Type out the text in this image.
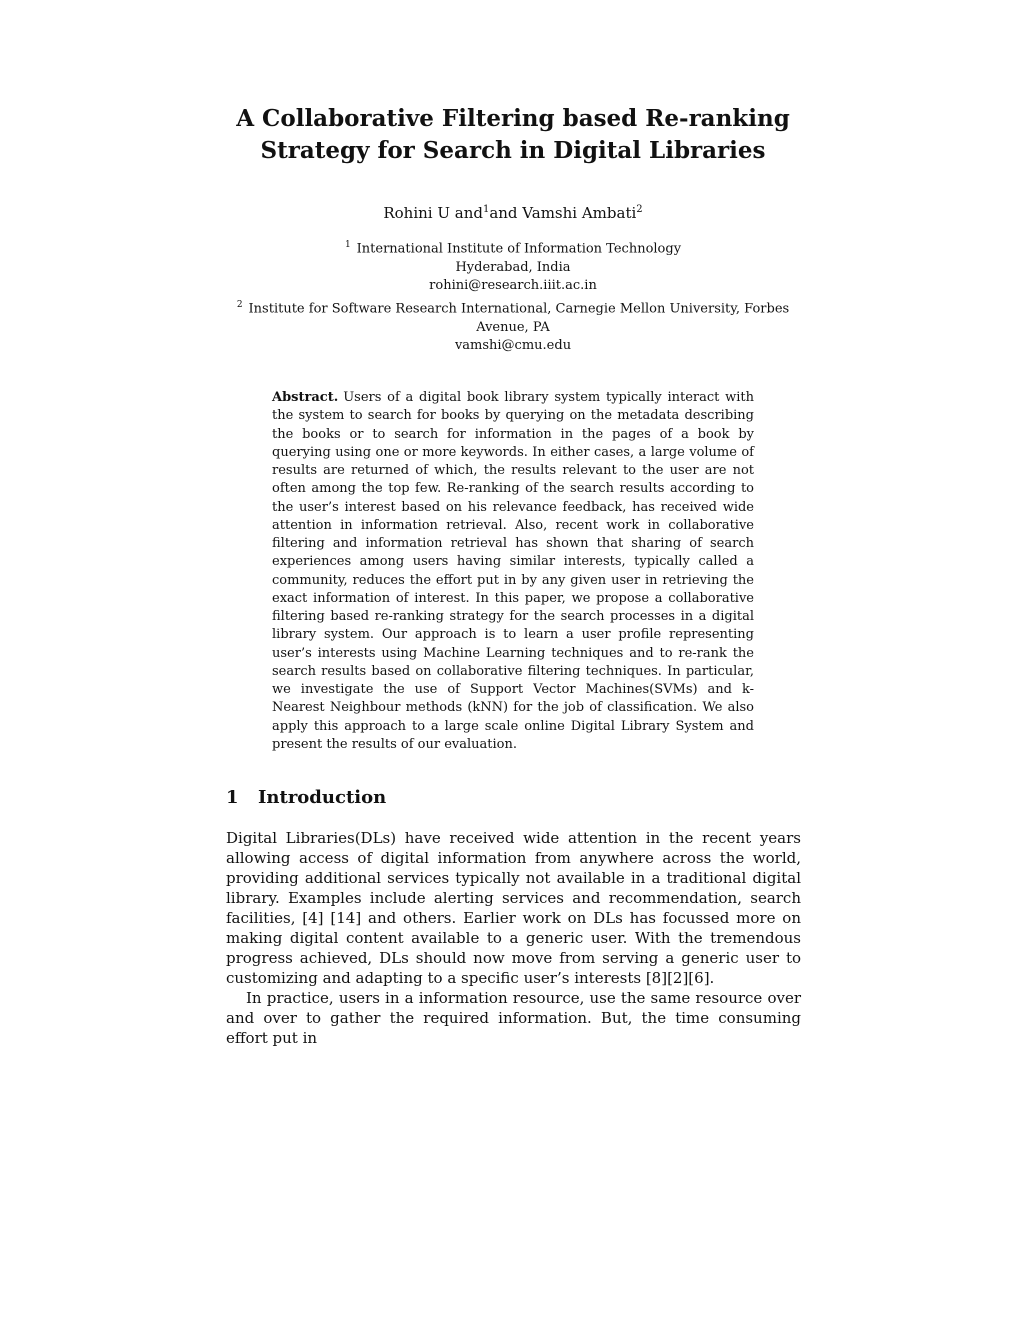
A Collaborative Filtering based Re-ranking Strategy for Search in Digital Libraries
Rohini U and$^1$and Vamshi Ambati$^2$
$^1$ International Institute of Information Technology
Hyderabad, India
rohini@research.iiit.ac.in
$^2$ Institute for Software Research International, Carnegie Mellon University, Forbes Avenue, PA
vamshi@cmu.edu
Abstract. Users of a digital book library system typically interact with the system to search for books by querying on the metadata describing the books or to search for information in the pages of a book by querying using one or more keywords. In either cases, a large volume of results are returned of which, the results relevant to the user are not often among the top few. Re-ranking of the search results according to the user’s interest based on his relevance feedback, has received wide attention in information retrieval. Also, recent work in collaborative filtering and information retrieval has shown that sharing of search experiences among users having similar interests, typically called a community, reduces the effort put in by any given user in retrieving the exact information of interest. In this paper, we propose a collaborative filtering based re-ranking strategy for the search processes in a digital library system. Our approach is to learn a user profile representing user’s interests using Machine Learning techniques and to re-rank the search results based on collaborative filtering techniques. In particular, we investigate the use of Support Vector Machines(SVMs) and k-Nearest Neighbour methods (kNN) for the job of classification. We also apply this approach to a large scale online Digital Library System and present the results of our evaluation.
1 Introduction

Digital Libraries(DLs) have received wide attention in the recent years allowing access of digital information from anywhere across the world, providing additional services typically not available in a traditional digital library. Examples include alerting services and recommendation, search facilities, [4] [14] and others. Earlier work on DLs has focussed more on making digital content available to a generic user. With the tremendous progress achieved, DLs should now move from serving a generic user to customizing and adapting to a specific user’s interests [8][2][6].

In practice, users in a information resource, use the same resource over and over to gather the required information. But, the time consuming effort put in
